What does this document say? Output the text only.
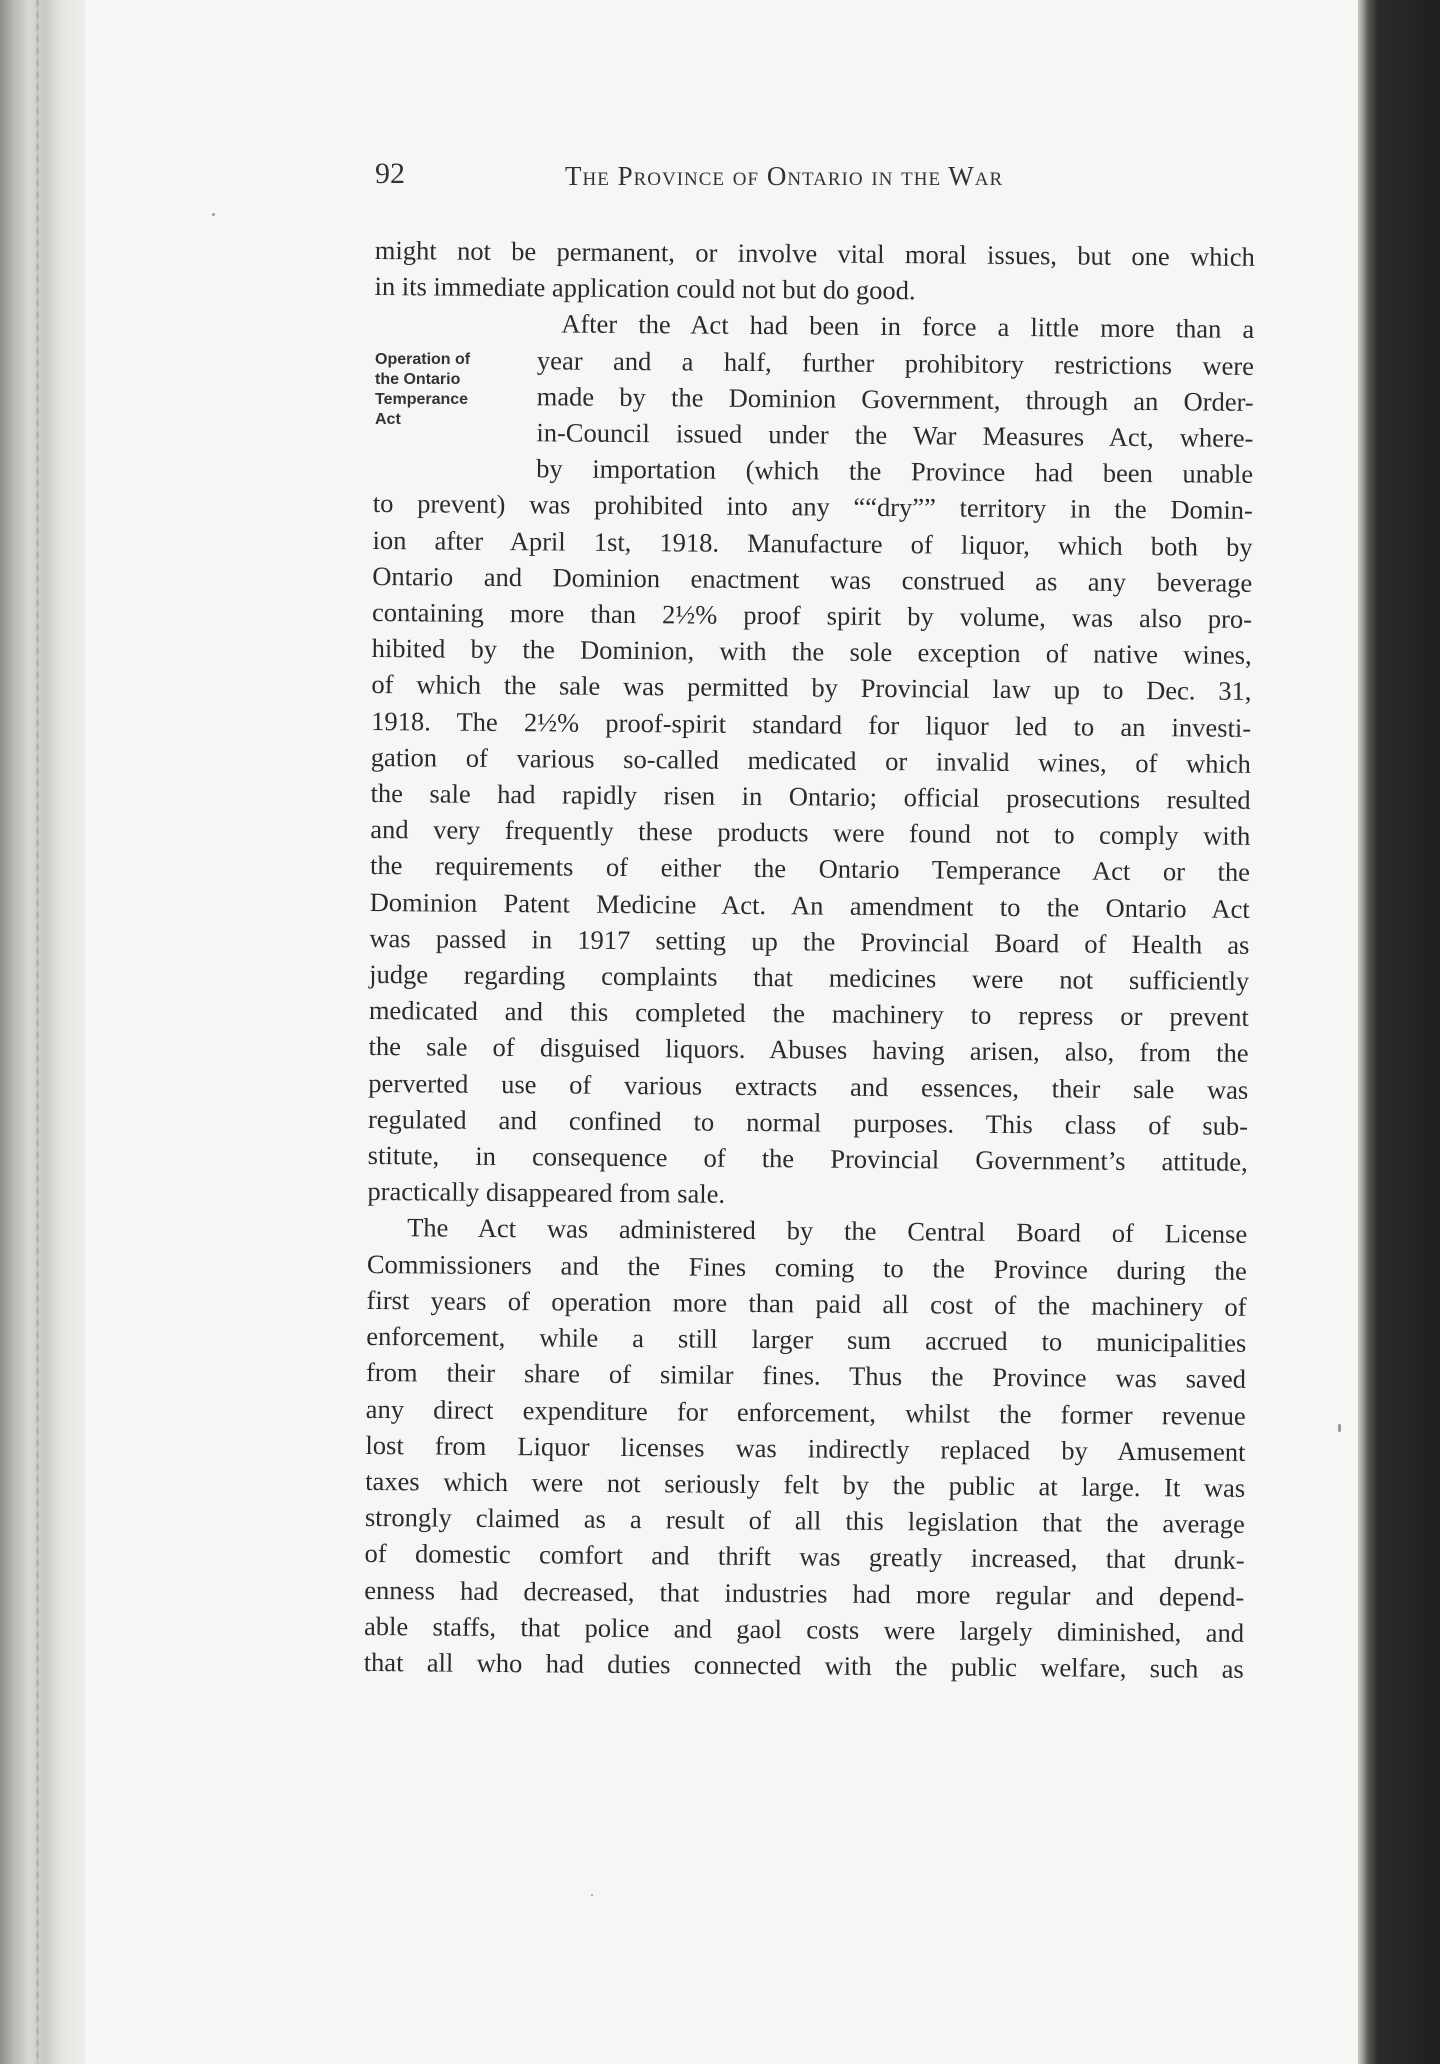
92	The Province of Ontario in the War
Operation of
the Ontario
Temperance
Act
might not be permanent, or involve vital moral issues, but one which
in its immediate application could not but do good.
After the Act had been in force a little more than a
year and a half, further prohibitory restrictions were
made by the Dominion Government, through an Order-
in-Council issued under the War Measures Act, where-
by importation (which the Province had been unable
to prevent) was prohibited into any ““dry”” territory in the Domin-
ion after April 1st, 1918. Manufacture of liquor, which both by
Ontario and Dominion enactment was construed as any beverage
containing more than 2½% proof spirit by volume, was also pro-
hibited by the Dominion, with the sole exception of native wines,
of which the sale was permitted by Provincial law up to Dec. 31,
1918. The 2½% proof-spirit standard for liquor led to an investi-
gation of various so-called medicated or invalid wines, of which
the sale had rapidly risen in Ontario; official prosecutions resulted
and very frequently these products were found not to comply with
the requirements of either the Ontario Temperance Act or the
Dominion Patent Medicine Act. An amendment to the Ontario Act
was passed in 1917 setting up the Provincial Board of Health as
judge regarding complaints that medicines were not sufficiently
medicated and this completed the machinery to repress or prevent
the sale of disguised liquors. Abuses having arisen, also, from the
perverted use of various extracts and essences, their sale was
regulated and confined to normal purposes. This class of sub-
stitute, in consequence of the Provincial Government’s attitude,
practically disappeared from sale.
The Act was administered by the Central Board of License
Commissioners and the Fines coming to the Province during the
first years of operation more than paid all cost of the machinery of
enforcement, while a still larger sum accrued to municipalities
from their share of similar fines. Thus the Province was saved
any direct expenditure for enforcement, whilst the former revenue
lost from Liquor licenses was indirectly replaced by Amusement
taxes which were not seriously felt by the public at large. It was
strongly claimed as a result of all this legislation that the average
of domestic comfort and thrift was greatly increased, that drunk-
enness had decreased, that industries had more regular and depend-
able staffs, that police and gaol costs were largely diminished, and
that all who had duties connected with the public welfare, such as
